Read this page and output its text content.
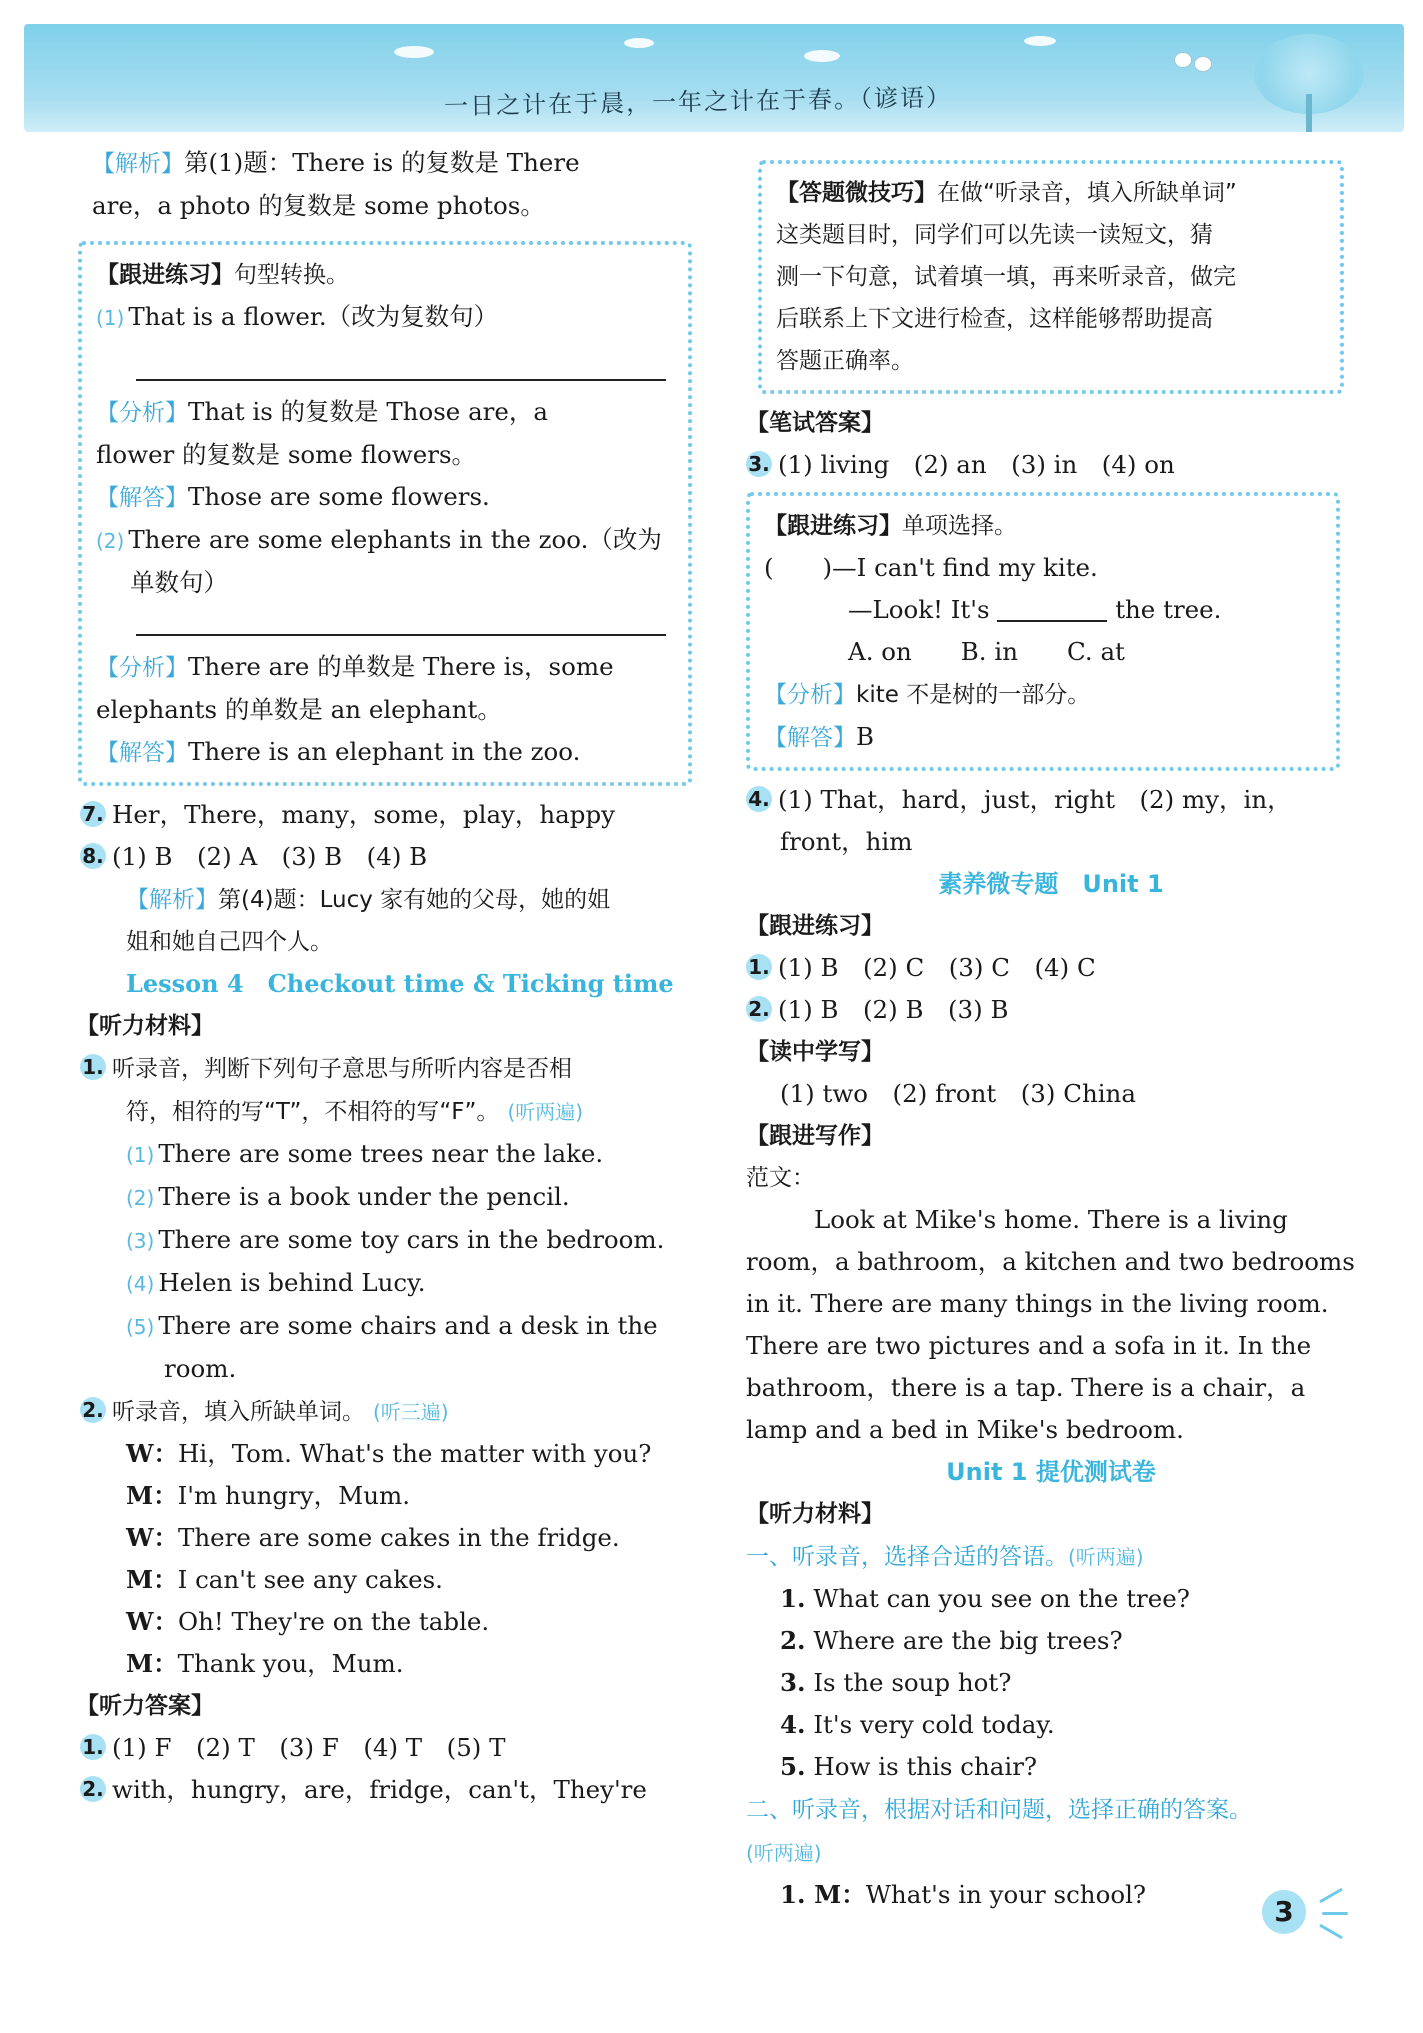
一日之计在于晨，一年之计在于春。（谚语）
【解析】第(1)题：There is 的复数是 There
are，a photo 的复数是 some photos。
【跟进练习】句型转换。
(1) That is a flower.（改为复数句）
【分析】That is 的复数是 Those are，a
flower 的复数是 some flowers。
【解答】Those are some flowers.
(2) There are some elephants in the zoo.（改为
单数句）
【分析】There are 的单数是 There is，some
elephants 的单数是 an elephant。
【解答】There is an elephant in the zoo.
7. Her，There，many，some，play，happy
8. (1) B　(2) A　(3) B　(4) B
【解析】第(4)题：Lucy 家有她的父母，她的姐
姐和她自己四个人。
Lesson 4　Checkout time & Ticking time
【听力材料】
1. 听录音，判断下列句子意思与所听内容是否相
符，相符的写“T”，不相符的写“F”。 (听两遍)
(1) There are some trees near the lake.
(2) There is a book under the pencil.
(3) There are some toy cars in the bedroom.
(4) Helen is behind Lucy.
(5) There are some chairs and a desk in the
room.
2. 听录音，填入所缺单词。 (听三遍)
W：Hi，Tom. What's the matter with you?
M：I'm hungry，Mum.
W：There are some cakes in the fridge.
M：I can't see any cakes.
W：Oh! They're on the table.
M：Thank you，Mum.
【听力答案】
1. (1) F　(2) T　(3) F　(4) T　(5) T
2. with，hungry，are，fridge，can't，They're
【答题微技巧】在做“听录音，填入所缺单词”
这类题目时，同学们可以先读一读短文，猜
测一下句意，试着填一填，再来听录音，做完
后联系上下文进行检查，这样能够帮助提高
答题正确率。
【笔试答案】
3. (1) living　(2) an　(3) in　(4) on
【跟进练习】单项选择。
(　　)—I can't find my kite.
—Look! It's	the tree.
A. on　　B. in　　C. at
【分析】kite 不是树的一部分。
【解答】B
4. (1) That，hard，just，right　(2) my，in，
front，him
素养微专题　Unit 1
【跟进练习】
1. (1) B　(2) C　(3) C　(4) C
2. (1) B　(2) B　(3) B
【读中学写】
(1) two　(2) front　(3) China
【跟进写作】
范文：
Look at Mike's home. There is a living
room，a bathroom，a kitchen and two bedrooms
in it. There are many things in the living room.
There are two pictures and a sofa in it. In the
bathroom，there is a tap. There is a chair，a
lamp and a bed in Mike's bedroom.
Unit 1 提优测试卷
【听力材料】
一、听录音，选择合适的答语。(听两遍)
1. What can you see on the tree?
2. Where are the big trees?
3. Is the soup hot?
4. It's very cold today.
5. How is this chair?
二、听录音，根据对话和问题，选择正确的答案。
(听两遍)
1. M：What's in your school?
3
